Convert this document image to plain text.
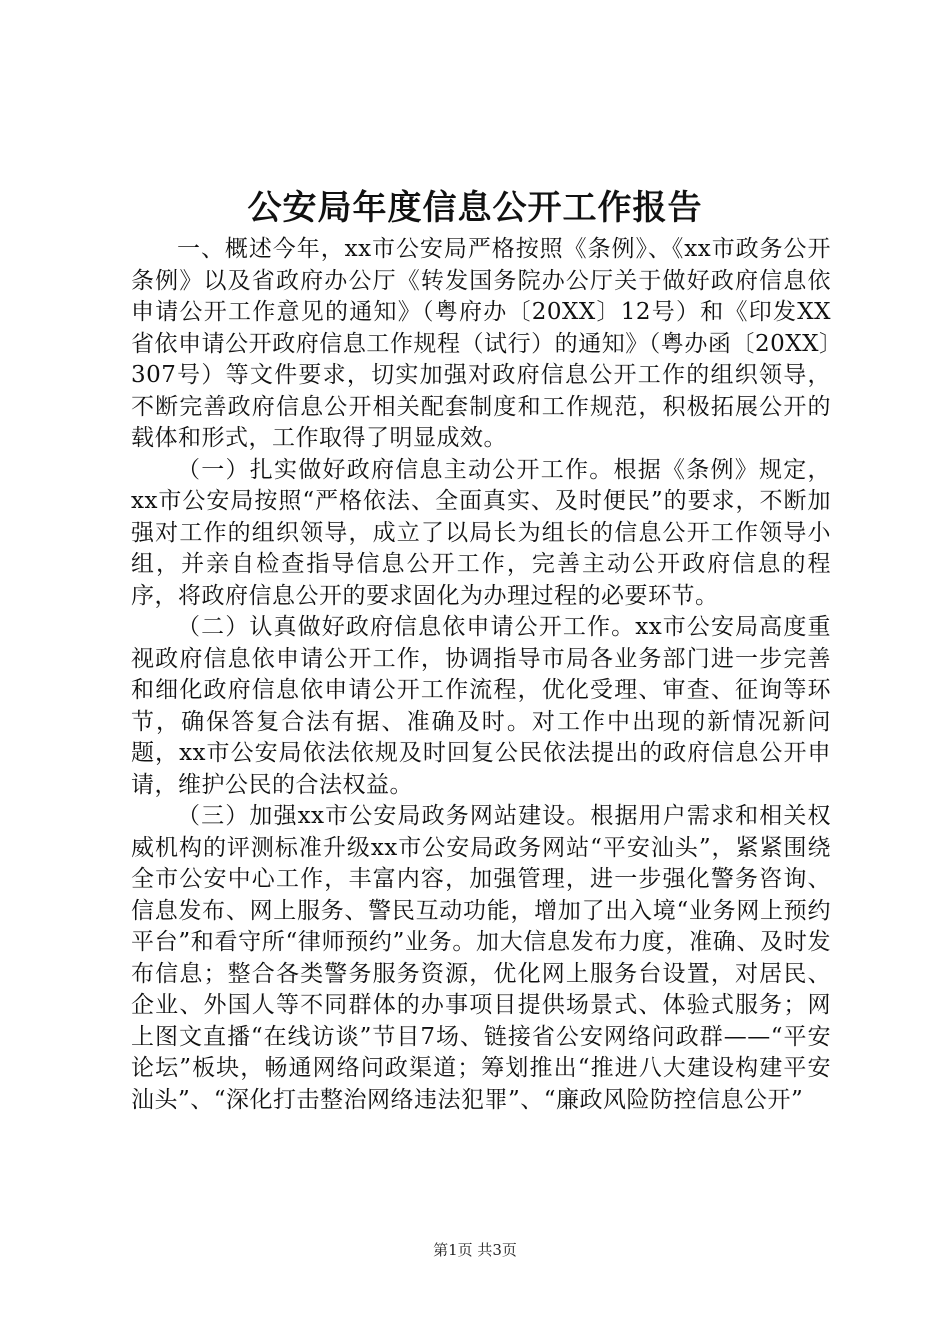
公安局年度信息公开工作报告

一、概述今年，xx市公安局严格按照《条例》、《xx市政务公开条例》以及省政府办公厅《转发国务院办公厅关于做好政府信息依申请公开工作意见的通知》（粤府办〔20XX〕12号）和《印发XX省依申请公开政府信息工作规程（试行）的通知》（粤办函〔20XX〕307号）等文件要求，切实加强对政府信息公开工作的组织领导，不断完善政府信息公开相关配套制度和工作规范，积极拓展公开的载体和形式，工作取得了明显成效。

（一）扎实做好政府信息主动公开工作。根据《条例》规定，xx市公安局按照“严格依法、全面真实、及时便民”的要求，不断加强对工作的组织领导，成立了以局长为组长的信息公开工作领导小组，并亲自检查指导信息公开工作，完善主动公开政府信息的程序，将政府信息公开的要求固化为办理过程的必要环节。

（二）认真做好政府信息依申请公开工作。xx市公安局高度重视政府信息依申请公开工作，协调指导市局各业务部门进一步完善和细化政府信息依申请公开工作流程，优化受理、审查、征询等环节，确保答复合法有据、准确及时。对工作中出现的新情况新问题，xx市公安局依法依规及时回复公民依法提出的政府信息公开申请，维护公民的合法权益。

（三）加强xx市公安局政务网站建设。根据用户需求和相关权威机构的评测标准升级xx市公安局政务网站“平安汕头”，紧紧围绕全市公安中心工作，丰富内容，加强管理，进一步强化警务咨询、信息发布、网上服务、警民互动功能，增加了出入境“业务网上预约平台”和看守所“律师预约”业务。加大信息发布力度，准确、及时发布信息；整合各类警务服务资源，优化网上服务台设置，对居民、企业、外国人等不同群体的办事项目提供场景式、体验式服务；网上图文直播“在线访谈”节目7场、链接省公安网络问政群——“平安论坛”板块，畅通网络问政渠道；筹划推出“推进八大建设构建平安汕头”、“深化打击整治网络违法犯罪”、“廉政风险防控信息公开”

第1页 共3页
